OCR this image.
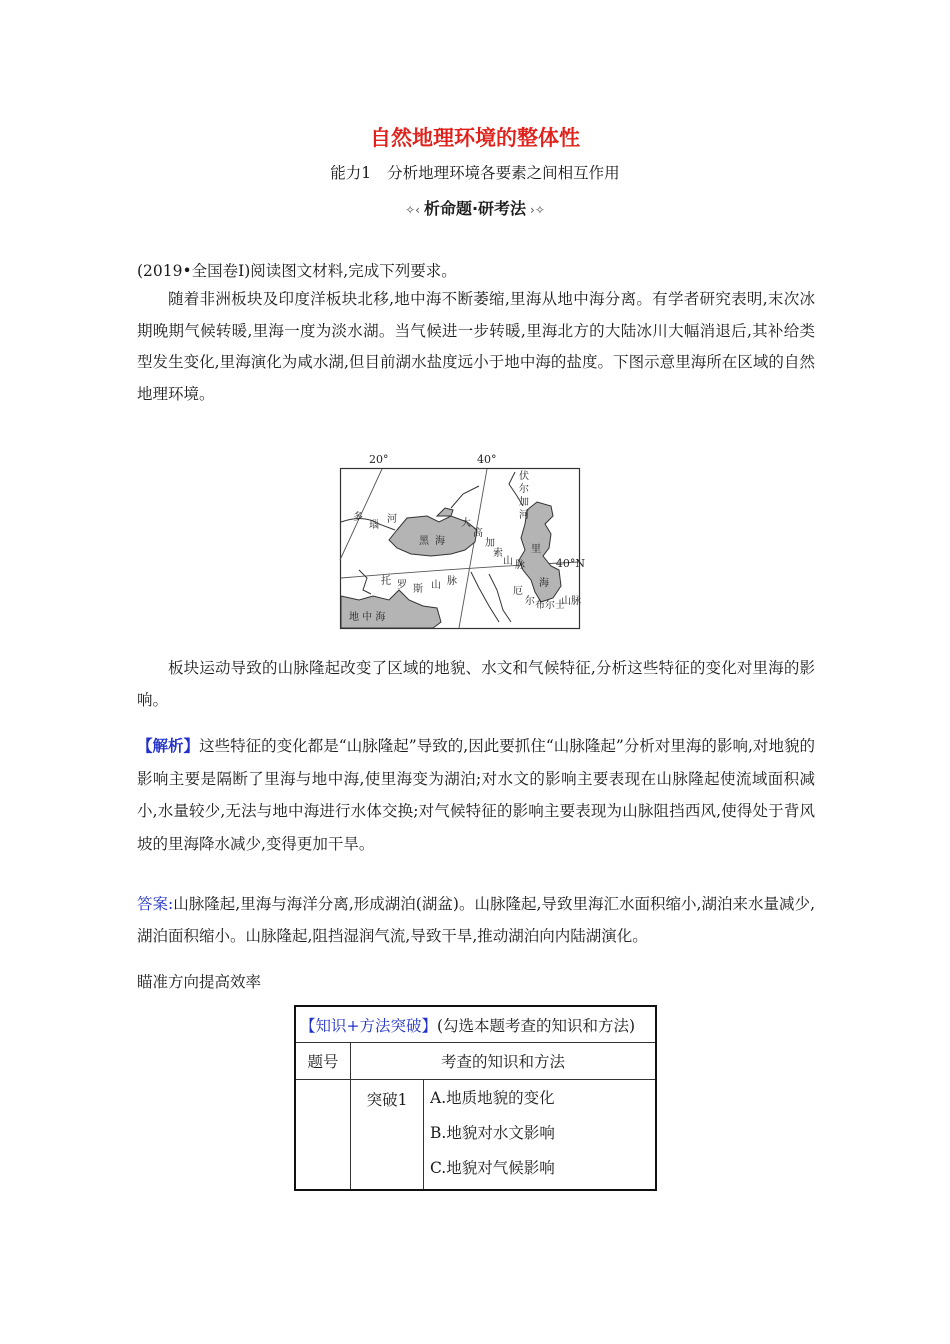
自然地理环境的整体性
能力1 分析地理环境各要素之间相互作用
✧‹ 析命题·研考法 ›✧

(2019•全国卷Ⅰ)阅读图文材料,完成下列要求。

随着非洲板块及印度洋板块北移,地中海不断萎缩,里海从地中海分离。有学者研究表明,末次冰期晚期气候转暖,里海一度为淡水湖。当气候进一步转暖,里海北方的大陆冰川大幅消退后,其补给类型发生变化,里海演化为咸水湖,但目前湖水盐度远小于地中海的盐度。下图示意里海所在区域的自然地理环境。

20°	40°
40°N
伏
尔
加
河
多
瑙
河
黑 海
里
海
地 中 海
大
高
加
索
山 脉
托 罗 斯 山 脉
厄
尔 布尔士
山脉

板块运动导致的山脉隆起改变了区域的地貌、水文和气候特征,分析这些特征的变化对里海的影响。

【解析】这些特征的变化都是“山脉隆起”导致的,因此要抓住“山脉隆起”分析对里海的影响,对地貌的影响主要是隔断了里海与地中海,使里海变为湖泊;对水文的影响主要表现在山脉隆起使流域面积减小,水量较少,无法与地中海进行水体交换;对气候特征的影响主要表现为山脉阻挡西风,使得处于背风坡的里海降水减少,变得更加干旱。

答案:山脉隆起,里海与海洋分离,形成湖泊(湖盆)。山脉隆起,导致里海汇水面积缩小,湖泊来水量减少,湖泊面积缩小。山脉隆起,阻挡湿润气流,导致干旱,推动湖泊向内陆湖演化。

瞄准方向提高效率

【知识+方法突破】(勾选本题考查的知识和方法)		
题号	考查的知识和方法	
	突破1	A.地质地貌的变化
B.地貌对水文影响
C.地貌对气候影响
